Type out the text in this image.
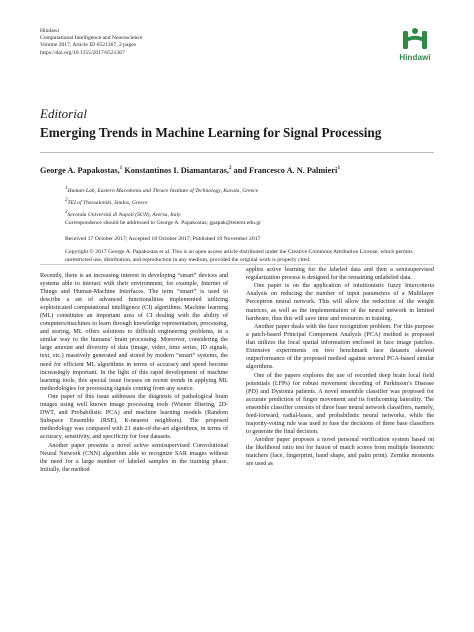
Hindawi
Computational Intelligence and Neuroscience
Volume 2017, Article ID 6521367, 2 pages
https://doi.org/10.1155/2017/6521367
Hindawi
Editorial
Emerging Trends in Machine Learning for Signal Processing
George A. Papakostas,$^1$ Konstantinos I. Diamantaras,$^2$ and Francesco A. N. Palmieri$^3$
$^1$Human-Lab, Eastern Macedonia and Thrace Institute of Technology, Kavala, Greece
$^2$TEI of Thessaloniki, Sindos, Greece
$^3$Seconda Università di Napoli (SUN), Aversa, Italy
Correspondence should be addressed to George A. Papakostas; gpapak@teiemt.edu.gr
Received 17 October 2017; Accepted 18 October 2017; Published 19 November 2017
Copyright © 2017 George A. Papakostas et al. This is an open access article distributed under the Creative Commons Attribution License, which permits unrestricted use, distribution, and reproduction in any medium, provided the original work is properly cited.

Recently, there is an increasing interest in developing “smart” devices and systems able to interact with their environment, for example, Internet of Things and Human-Machine Interfaces. The term “smart” is used to describe a set of advanced functionalities implemented utilizing sophisticated computational intelligence (CI) algorithms. Machine learning (ML) constitutes an important area of CI dealing with the ability of computers/machines to learn through knowledge representation, processing, and storing, ML offers solutions to difficult engineering problems, in a similar way to the humans’ brain processing. Moreover, considering the large amount and diversity of data (image, video, time series, ID signals, text, etc.) massively generated and stored by modern “smart” systems, the need for efficient ML algorithms in terms of accuracy and speed become increasingly important. In the light of this rapid development of machine learning tools, this special issue focuses on recent trends in applying ML methodologies for processing signals coming from any source.

One paper of this issue addresses the diagnosis of pathological brain images using well known image processing tools (Wiener filtering, 2D-DWT, and Probabilistic PCA) and machine learning models (Random Subspace Ensemble (RSE), K-nearest neighbors). The proposed methodology was compared with 21 state-of-the-art algorithms, in terms of accuracy, sensitivity, and specificity for four datasets.

Another paper presents a novel active semisupervised Convolutional Neural Network (CNN) algorithm able to recognize SAR images without the need for a large number of labeled samples in the training phase. Initially, the method

applies active learning for the labeled data and then a semisupervised regularization process is designed for the remaining unlabeled data.

One paper is on the application of intuitionistic fuzzy Intercriteria Analysis on reducing the number of input parameters of a Multilayer Perceptron neural network. This will allow the reduction of the weight matrices, as well as the implementation of the neural network in limited hardware, thus this will save time and resources in training.

Another paper deals with the face recognition problem. For this purpose a patch-based Principal Component Analysis (PCA) method is proposed that utilizes the local spatial information enclosed in face image patches. Extensive experiments on two benchmark face datasets showed outperformance of the proposed method against several PCA-based similar algorithms.

One of the papers explores the use of recorded deep brain local field potentials (LFPs) for robust movement decoding of Parkinson’s Disease (PD) and Dystonia patients. A novel ensemble classifier was proposed for accurate prediction of finger movement and its forthcoming laterality. The ensemble classifier consists of three base neural network classifiers, namely, feed-forward, radial-basis, and probabilistic neural networks, while the majority-voting rule was used to fuse the decisions of three base classifiers to generate the final decision.

Another paper proposes a novel personal verification system based on the likelihood ratio test for fusion of match scores from multiple biometric matchers (face, fingerprint, hand shape, and palm print). Zernike moments are used as
